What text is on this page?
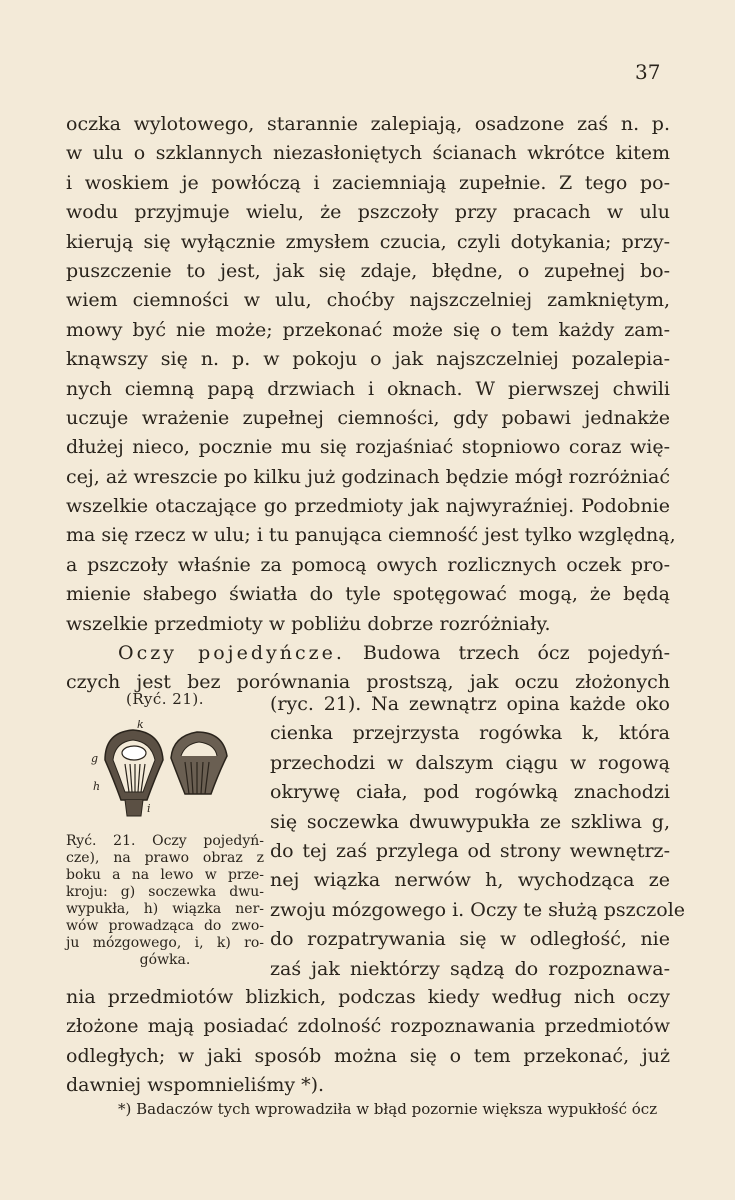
37
oczka wylotowego, starannie zalepiają, osadzone zaś n. p.
w ulu o szklannych niezasłoniętych ścianach wkrótce kitem
i woskiem je powłóczą i zaciemniają zupełnie. Z tego po-
wodu przyjmuje wielu, że pszczoły przy pracach w ulu
kierują się wyłącznie zmysłem czucia, czyli dotykania; przy-
puszczenie to jest, jak się zdaje, błędne, o zupełnej bo-
wiem ciemności w ulu, choćby najszczelniej zamkniętym,
mowy być nie może; przekonać może się o tem każdy zam-
knąwszy się n. p. w pokoju o jak najszczelniej pozalepia-
nych ciemną papą drzwiach i oknach. W pierwszej chwili
uczuje wrażenie zupełnej ciemności, gdy pobawi jednakże
dłużej nieco, pocznie mu się rozjaśniać stopniowo coraz wię-
cej, aż wreszcie po kilku już godzinach będzie mógł rozróżniać
wszelkie otaczające go przedmioty jak najwyraźniej. Podobnie
ma się rzecz w ulu; i tu panująca ciemność jest tylko względną,
a pszczoły właśnie za pomocą owych rozlicznych oczek pro-
mienie słabego światła do tyle spotęgować mogą, że będą
wszelkie przedmioty w pobliżu dobrze rozróżniały.
Oczy pojedyńcze. Budowa trzech ócz pojedyń-
czych jest bez porównania prostszą, jak oczu złożonych
(Ryć. 21).
k
g
h
i
Ryć. 21. Oczy pojedyń-
cze), na prawo obraz z
boku a na lewo w prze-
kroju: g) soczewka dwu-
wypukła, h) wiązka ner-
wów prowadząca do zwo-
ju mózgowego, i, k) ro-
gówka.
(ryc. 21). Na zewnątrz opina każde oko
cienka przejrzysta rogówka k, która
przechodzi w dalszym ciągu w rogową
okrywę ciała, pod rogówką znachodzi
się soczewka dwuwypukła ze szkliwa g,
do tej zaś przylega od strony wewnętrz-
nej wiązka nerwów h, wychodząca ze
zwoju mózgowego i. Oczy te służą pszczole
do rozpatrywania się w odległość, nie
zaś jak niektórzy sądzą do rozpoznawa-
nia przedmiotów blizkich, podczas kiedy według nich oczy
złożone mają posiadać zdolność rozpoznawania przedmiotów
odległych; w jaki sposób można się o tem przekonać, już
dawniej wspomnieliśmy *).
*) Badaczów tych wprowadziła w błąd pozornie większa wypukłość ócz
